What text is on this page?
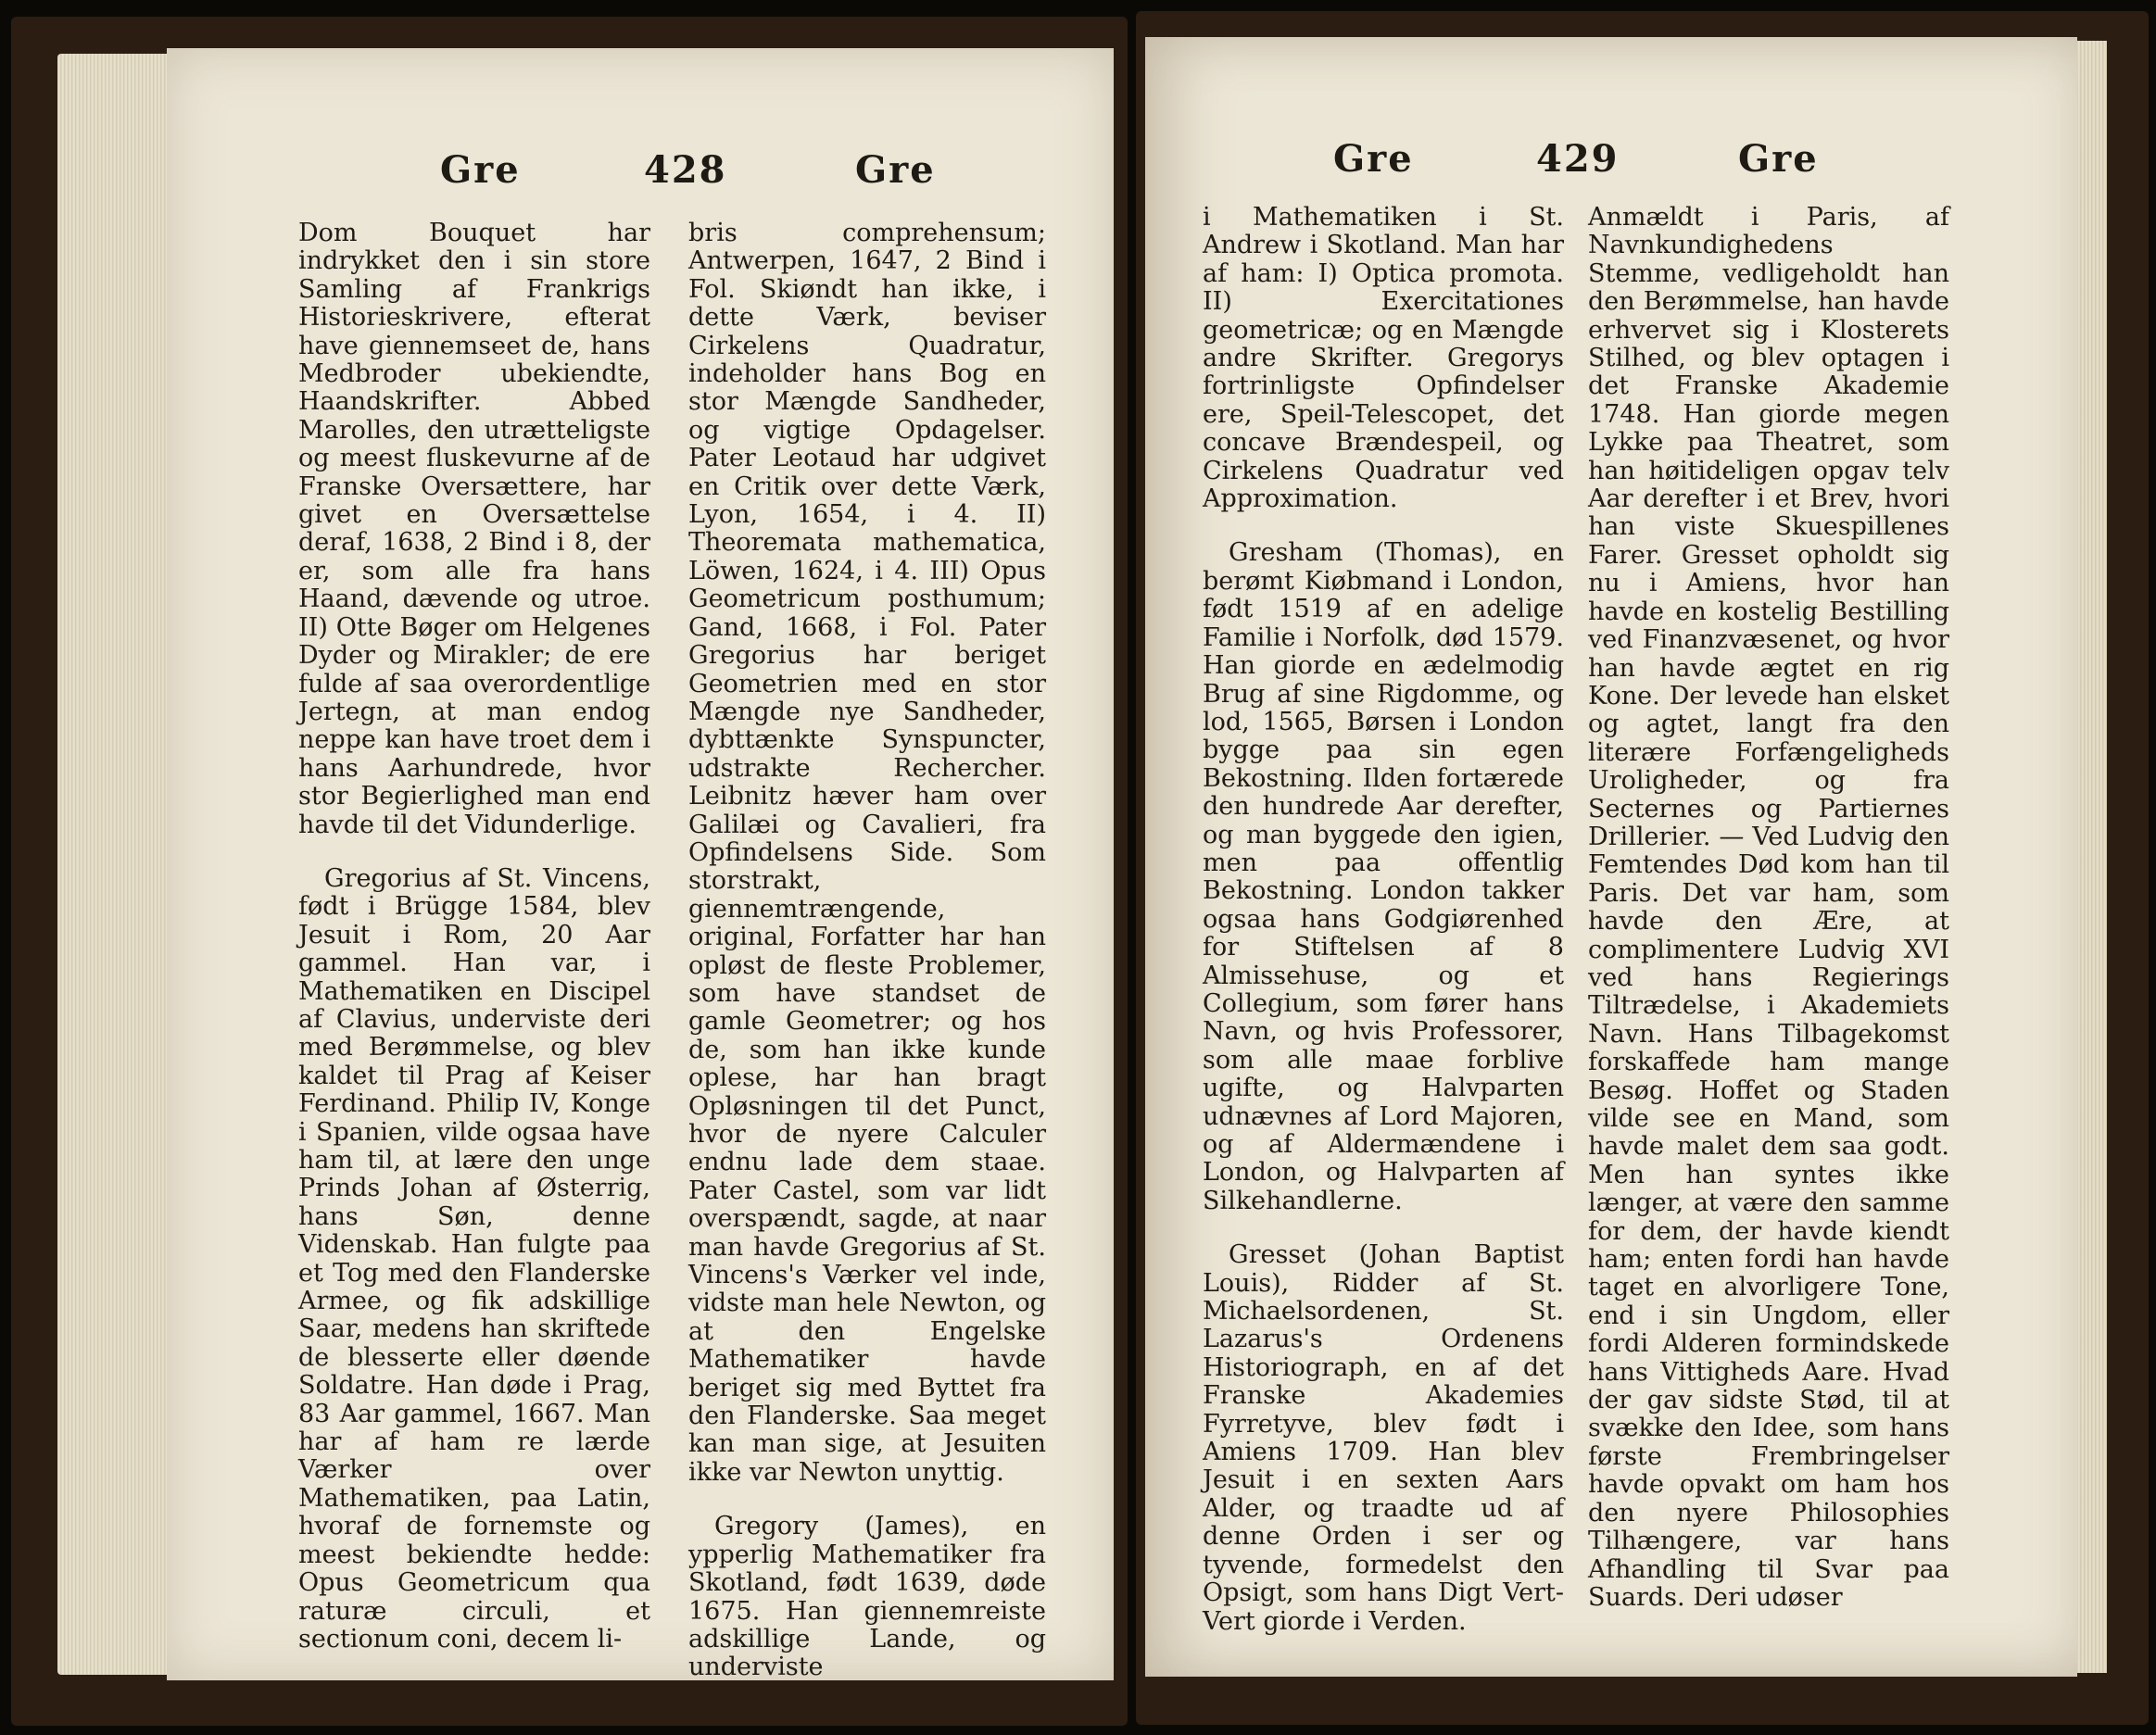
Gre	428	Gre

Dom Bouquet har indrykket den i sin store Samling af Frankrigs Historieskrivere, efterat have giennemseet de, hans Medbroder ubekiendte, Haandskrifter. Abbed Marolles, den utrætteligste og meest fluskevurne af de Franske Oversættere, har givet en Oversættelse deraf, 1638, 2 Bind i 8, der er, som alle fra hans Haand, dævende og utroe. II) Otte Bøger om Helgenes Dyder og Mirakler; de ere fulde af saa overordentlige Jertegn, at man endog neppe kan have troet dem i hans Aarhundrede, hvor stor Begierlighed man end havde til det Vidunderlige.

Gregorius af St. Vincens, født i Brügge 1584, blev Jesuit i Rom, 20 Aar gammel. Han var, i Mathematiken en Discipel af Clavius, underviste deri med Berømmelse, og blev kaldet til Prag af Keiser Ferdinand. Philip IV, Konge i Spanien, vilde ogsaa have ham til, at lære den unge Prinds Johan af Østerrig, hans Søn, denne Videnskab. Han fulgte paa et Tog med den Flanderske Armee, og fik adskillige Saar, medens han skriftede de blesserte eller døende Soldatre. Han døde i Prag, 83 Aar gammel, 1667. Man har af ham re lærde Værker over Mathematiken, paa Latin, hvoraf de fornemste og meest bekiendte hedde: Opus Geometricum qua raturæ circuli, et sectionum coni, decem li-

bris comprehensum; Antwerpen, 1647, 2 Bind i Fol. Skiøndt han ikke, i dette Værk, beviser Cirkelens Quadratur, indeholder hans Bog en stor Mængde Sandheder, og vigtige Opdagelser. Pater Leotaud har udgivet en Critik over dette Værk, Lyon, 1654, i 4. II) Theoremata mathematica, Löwen, 1624, i 4. III) Opus Geometricum posthumum; Gand, 1668, i Fol. Pater Gregorius har beriget Geometrien med en stor Mængde nye Sandheder, dybttænkte Synspuncter, udstrakte Rechercher. Leibnitz hæver ham over Galilæi og Cavalieri, fra Opfindelsens Side. Som storstrakt, giennemtrængende, original, Forfatter har han opløst de fleste Problemer, som have standset de gamle Geometrer; og hos de, som han ikke kunde oplese, har han bragt Opløsningen til det Punct, hvor de nyere Calculer endnu lade dem staae. Pater Castel, som var lidt overspændt, sagde, at naar man havde Gregorius af St. Vincens's Værker vel inde, vidste man hele Newton, og at den Engelske Mathematiker havde beriget sig med Byttet fra den Flanderske. Saa meget kan man sige, at Jesuiten ikke var Newton unyttig.

Gregory (James), en ypperlig Mathematiker fra Skotland, født 1639, døde 1675. Han giennemreiste adskillige Lande, og underviste

Gre	429	Gre

i Mathematiken i St. Andrew i Skotland. Man har af ham: I) Optica promota. II) Exercitationes geometricæ; og en Mængde andre Skrifter. Gregorys fortrinligste Opfindelser ere, Speil-Telescopet, det concave Brændespeil, og Cirkelens Quadratur ved Approximation.

Gresham (Thomas), en berømt Kiøbmand i London, født 1519 af en adelige Familie i Norfolk, død 1579. Han giorde en ædelmodig Brug af sine Rigdomme, og lod, 1565, Børsen i London bygge paa sin egen Bekostning. Ilden fortærede den hundrede Aar derefter, og man byggede den igien, men paa offentlig Bekostning. London takker ogsaa hans Godgiørenhed for Stiftelsen af 8 Almissehuse, og et Collegium, som fører hans Navn, og hvis Professorer, som alle maae forblive ugifte, og Halvparten udnævnes af Lord Majoren, og af Aldermændene i London, og Halvparten af Silkehandlerne.

Gresset (Johan Baptist Louis), Ridder af St. Michaelsordenen, St. Lazarus's Ordenens Historiograph, en af det Franske Akademies Fyrretyve, blev født i Amiens 1709. Han blev Jesuit i en sexten Aars Alder, og traadte ud af denne Orden i ser og tyvende, formedelst den Opsigt, som hans Digt Vert-Vert giorde i Verden.

Anmældt i Paris, af Navnkundighedens Stemme, vedligeholdt han den Berømmelse, han havde erhvervet sig i Klosterets Stilhed, og blev optagen i det Franske Akademie 1748. Han giorde megen Lykke paa Theatret, som han høitideligen opgav telv Aar derefter i et Brev, hvori han viste Skuespillenes Farer. Gresset opholdt sig nu i Amiens, hvor han havde en kostelig Bestilling ved Finanzvæsenet, og hvor han havde ægtet en rig Kone. Der levede han elsket og agtet, langt fra den literære Forfængeligheds Uroligheder, og fra Secternes og Partiernes Drillerier. — Ved Ludvig den Femtendes Død kom han til Paris. Det var ham, som havde den Ære, at complimentere Ludvig XVI ved hans Regierings Tiltrædelse, i Akademiets Navn. Hans Tilbagekomst forskaffede ham mange Besøg. Hoffet og Staden vilde see en Mand, som havde malet dem saa godt. Men han syntes ikke længer, at være den samme for dem, der havde kiendt ham; enten fordi han havde taget en alvorligere Tone, end i sin Ungdom, eller fordi Alderen formindskede hans Vittigheds Aare. Hvad der gav sidste Stød, til at svække den Idee, som hans første Frembringelser havde opvakt om ham hos den nyere Philosophies Tilhængere, var hans Afhandling til Svar paa Suards. Deri udøser
